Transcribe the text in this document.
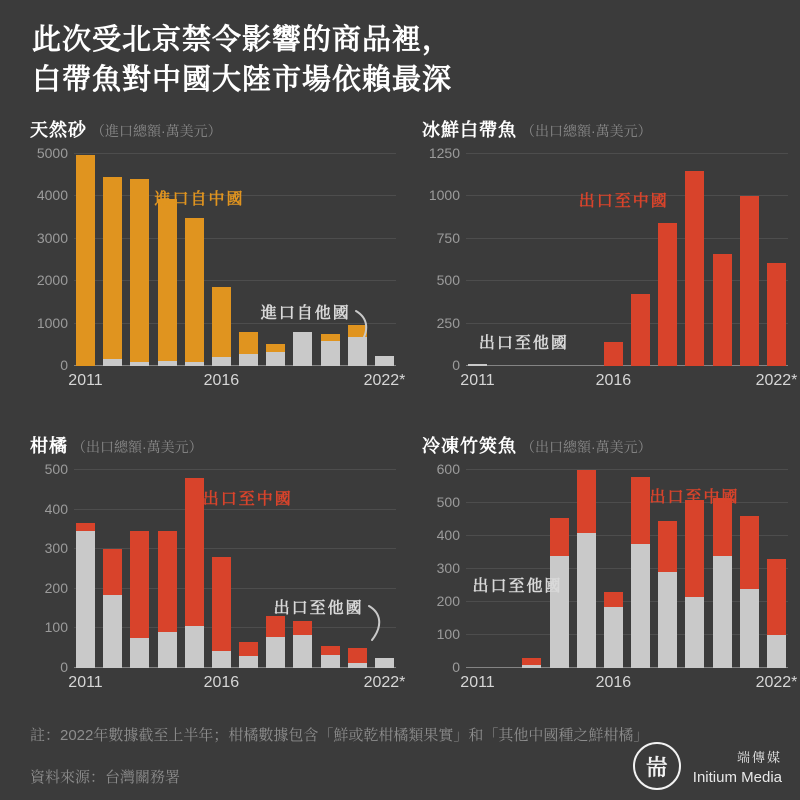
此次受北京禁令影響的商品裡，
白帶魚對中國大陸市場依賴最深
天然砂 （進口總額·萬美元）
0
1000
2000
3000
4000
5000
進口自中國
進口自他國
2011	2016	2022*
冰鮮白帶魚 （出口總額·萬美元）
0
250
500
750
1000
1250
出口至中國
出口至他國
2011	2016	2022*
柑橘 （出口總額·萬美元）
0
100
200
300
400
500
出口至中國
出口至他國
2011	2016	2022*
冷凍竹筴魚 （出口總額·萬美元）
0
100
200
300
400
500
600
出口至中國
出口至他國
2011	2016	2022*

註：2022年數據截至上半年；柑橘數據包含「鮮或乾柑橘類果實」和「其他中國種之鮮柑橘」

資料來源：台灣關務署	耑	端傳媒
Initium Media
